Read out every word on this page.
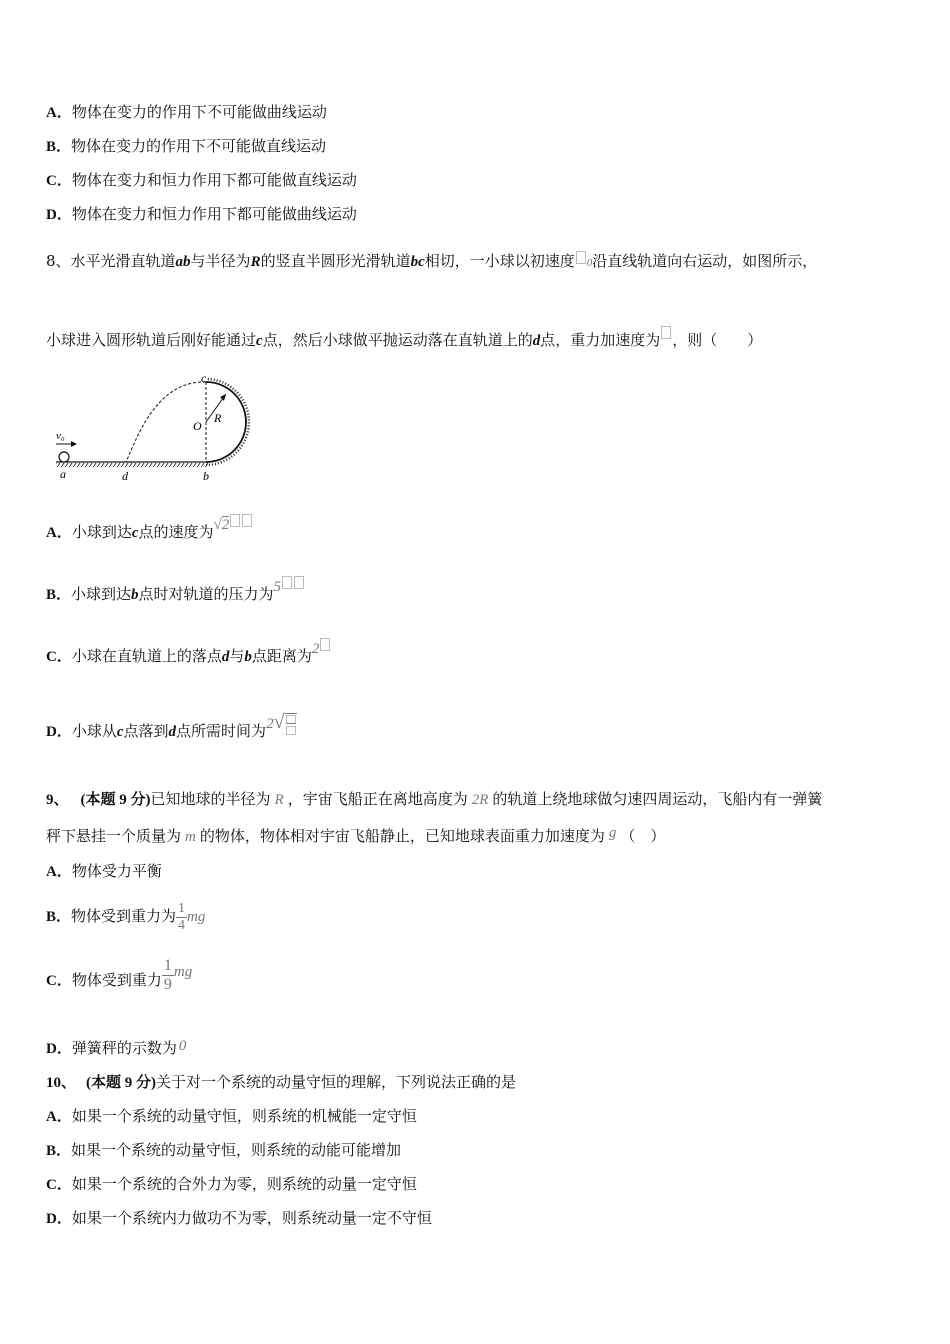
A．物体在变力的作用下不可能做曲线运动
B．物体在变力的作用下不可能做直线运动
C．物体在变力和恒力作用下都可能做直线运动
D．物体在变力和恒力作用下都可能做曲线运动
8、水平光滑直轨道ab与半径为R的竖直半圆形光滑轨道bc相切，一小球以初速度 0沿直线轨道向右运动，如图所示，
小球进入圆形轨道后刚好能通过c点，然后小球做平抛运动落在直轨道上的d点，重力加速度为 ，则（　　）
v₀
a	d	b
c
O
R
A．小球到达c点的速度为√2
B．小球到达b点时对轨道的压力为5
C．小球在直轨道上的落点d与b点距离为2
D．小球从c点落到d点所需时间为2√
9、 (本题 9 分)已知地球的半径为 R ，宇宙飞船正在离地高度为 2R 的轨道上绕地球做匀速四周运动，飞船内有一弹簧
秤下悬挂一个质量为 m 的物体，物体相对宇宙飞船静止，已知地球表面重力加速度为 g （　）
A．物体受力平衡
B．物体受到重力为 $\frac{1}{4}$ mg
C．物体受到重力 $\frac{1}{9}$ mg
D．弹簧秤的示数为 0
10、 (本题 9 分)关于对一个系统的动量守恒的理解，下列说法正确的是
A．如果一个系统的动量守恒，则系统的机械能一定守恒
B．如果一个系统的动量守恒，则系统的动能可能增加
C．如果一个系统的合外力为零，则系统的动量一定守恒
D．如果一个系统内力做功不为零，则系统动量一定不守恒
